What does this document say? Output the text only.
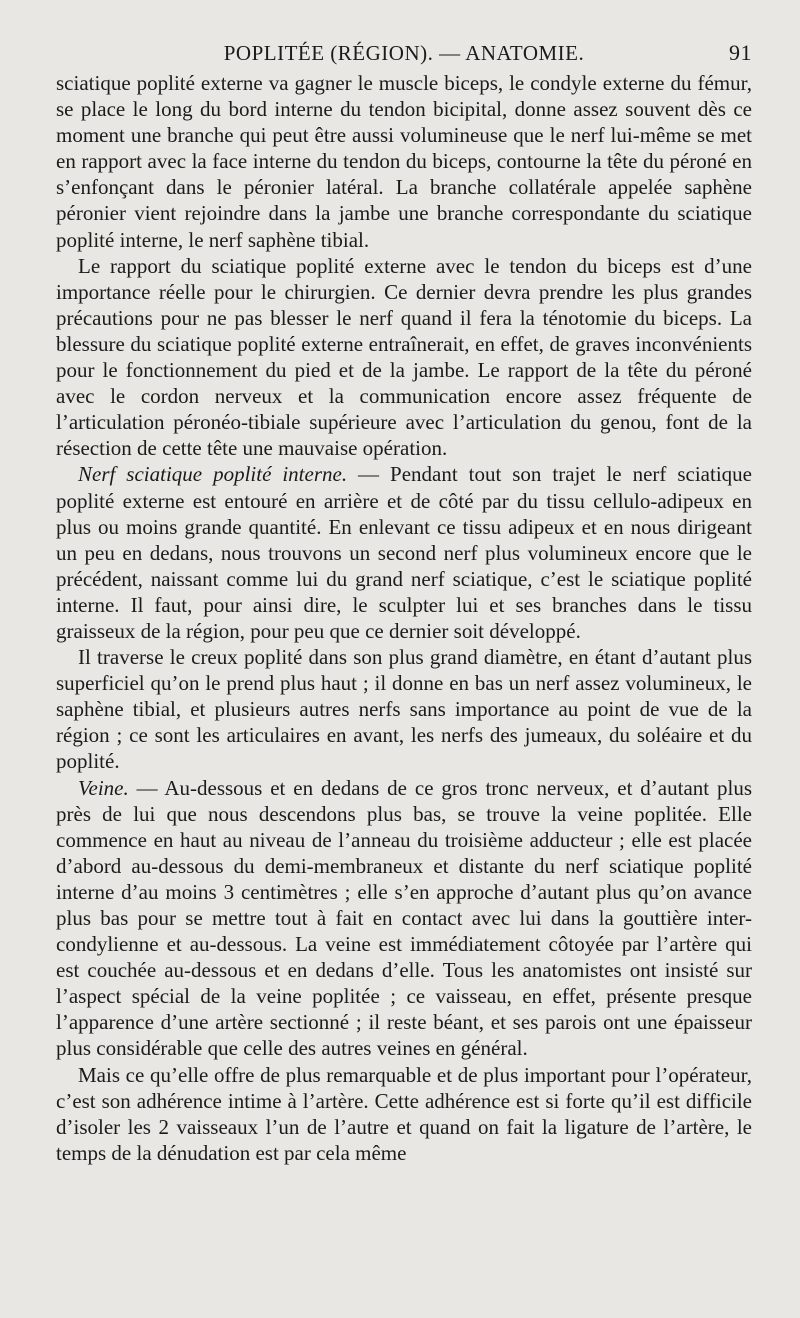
POPLITÉE (RÉGION). — ANATOMIE.	91

sciatique poplité externe va gagner le muscle biceps, le condyle externe du fémur, se place le long du bord interne du tendon bicipital, donne assez souvent dès ce moment une branche qui peut être aussi volumineuse que le nerf lui-même se met en rapport avec la face interne du tendon du biceps, contourne la tête du péroné en s’enfonçant dans le péronier latéral. La branche collatérale appelée saphène péronier vient rejoindre dans la jambe une branche correspondante du sciatique poplité interne, le nerf saphène tibial.

Le rapport du sciatique poplité externe avec le tendon du biceps est d’une importance réelle pour le chirurgien. Ce dernier devra prendre les plus grandes précautions pour ne pas blesser le nerf quand il fera la ténotomie du biceps. La blessure du sciatique poplité externe entraînerait, en effet, de graves inconvénients pour le fonctionnement du pied et de la jambe. Le rapport de la tête du péroné avec le cordon nerveux et la communication encore assez fréquente de l’articulation péronéo-tibiale supérieure avec l’articulation du genou, font de la résection de cette tête une mauvaise opération.

Nerf sciatique poplité interne. — Pendant tout son trajet le nerf sciatique poplité externe est entouré en arrière et de côté par du tissu cellulo-adipeux en plus ou moins grande quantité. En enlevant ce tissu adipeux et en nous dirigeant un peu en dedans, nous trouvons un second nerf plus volumineux encore que le précédent, naissant comme lui du grand nerf sciatique, c’est le sciatique poplité interne. Il faut, pour ainsi dire, le sculpter lui et ses branches dans le tissu graisseux de la région, pour peu que ce dernier soit développé.

Il traverse le creux poplité dans son plus grand diamètre, en étant d’autant plus superficiel qu’on le prend plus haut ; il donne en bas un nerf assez volumineux, le saphène tibial, et plusieurs autres nerfs sans importance au point de vue de la région ; ce sont les articulaires en avant, les nerfs des jumeaux, du soléaire et du poplité.

Veine. — Au-dessous et en dedans de ce gros tronc nerveux, et d’autant plus près de lui que nous descendons plus bas, se trouve la veine poplitée. Elle commence en haut au niveau de l’anneau du troisième adducteur ; elle est placée d’abord au-dessous du demi-membraneux et distante du nerf sciatique poplité interne d’au moins 3 centimètres ; elle s’en approche d’autant plus qu’on avance plus bas pour se mettre tout à fait en contact avec lui dans la gouttière inter-condylienne et au-dessous. La veine est immédiatement côtoyée par l’artère qui est couchée au-dessous et en dedans d’elle. Tous les anatomistes ont insisté sur l’aspect spécial de la veine poplitée ; ce vaisseau, en effet, présente presque l’apparence d’une artère sectionné ; il reste béant, et ses parois ont une épaisseur plus considérable que celle des autres veines en général.

Mais ce qu’elle offre de plus remarquable et de plus important pour l’opérateur, c’est son adhérence intime à l’artère. Cette adhérence est si forte qu’il est difficile d’isoler les 2 vaisseaux l’un de l’autre et quand on fait la ligature de l’artère, le temps de la dénudation est par cela même
